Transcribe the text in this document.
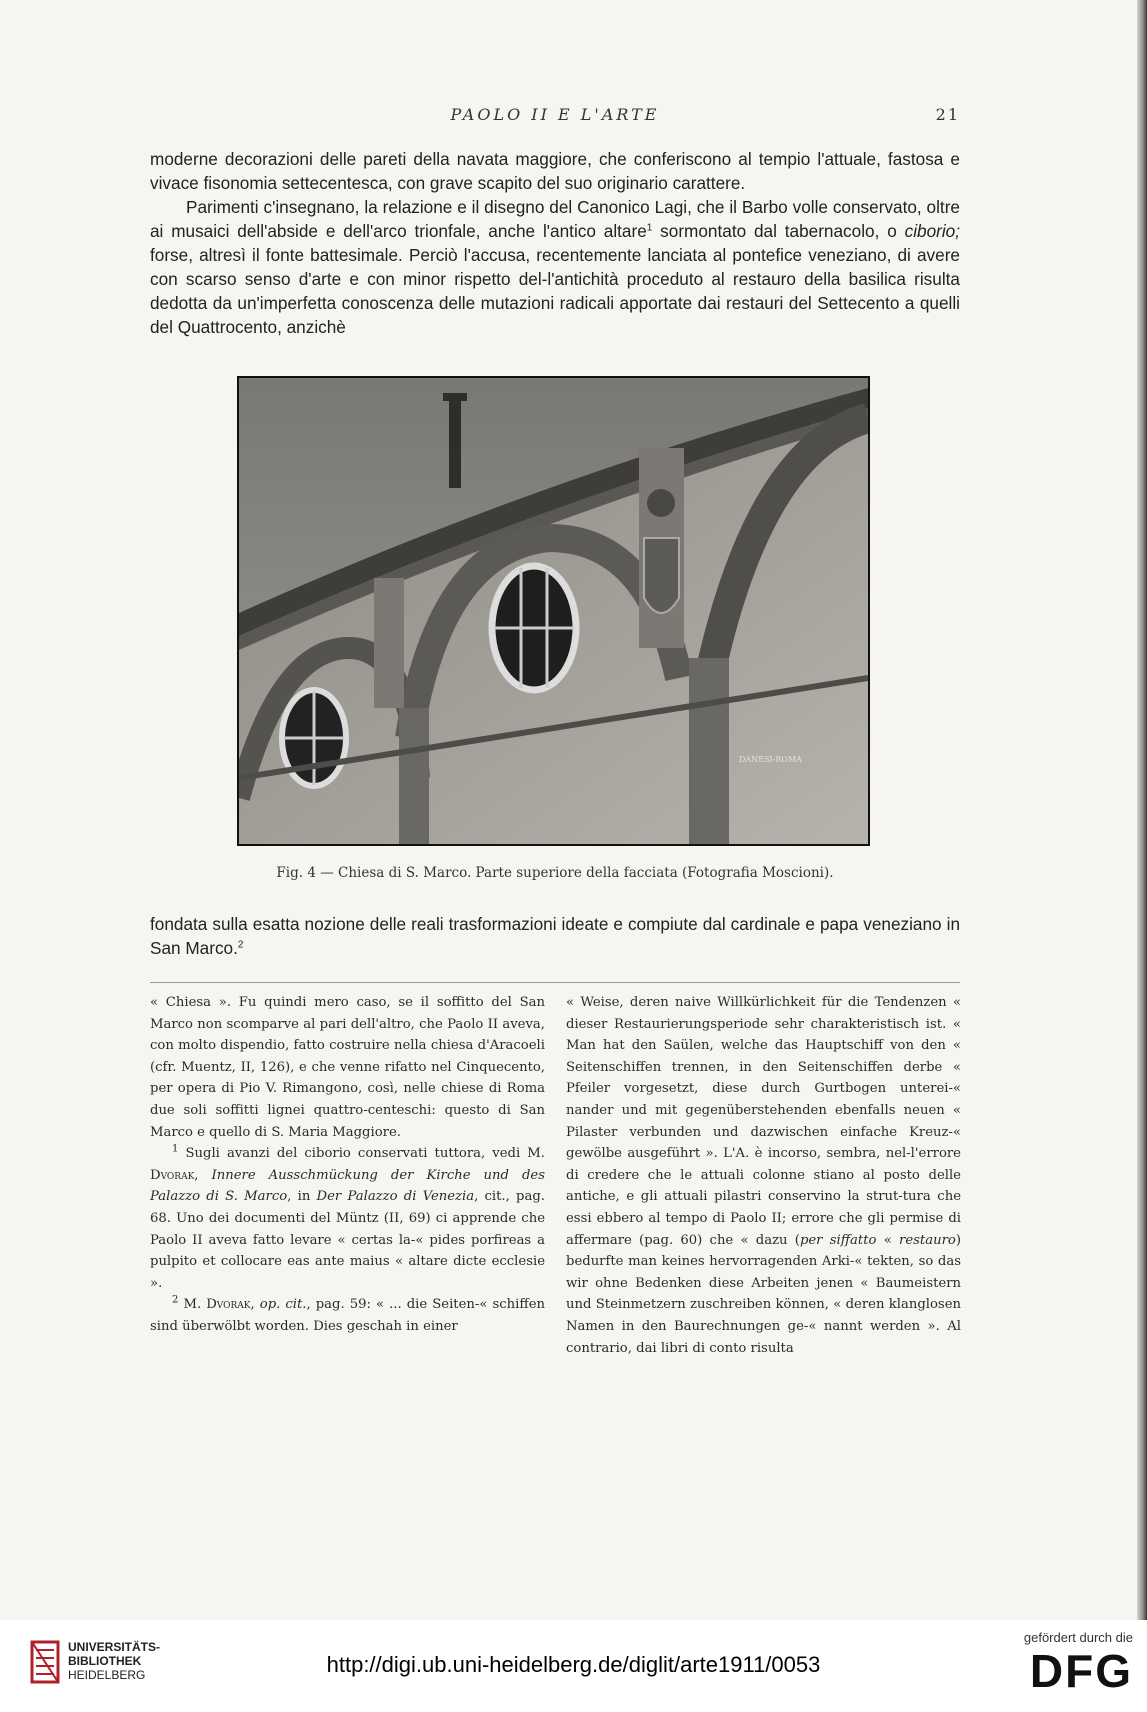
PAOLO II E L'ARTE	21

moderne decorazioni delle pareti della navata maggiore, che conferiscono al tempio l'attuale, fastosa e vivace fisonomia settecentesca, con grave scapito del suo originario carattere.

Parimenti c'insegnano, la relazione e il disegno del Canonico Lagi, che il Barbo volle conservato, oltre ai musaici dell'abside e dell'arco trionfale, anche l'antico altare$^1$ sormontato dal tabernacolo, o ciborio; forse, altresì il fonte battesimale. Perciò l'accusa, recentemente lanciata al pontefice veneziano, di avere con scarso senso d'arte e con minor rispetto del-l'antichità proceduto al restauro della basilica risulta dedotta da un'imperfetta conoscenza delle mutazioni radicali apportate dai restauri del Settecento a quelli del Quattrocento, anzichè

DANESI-ROMA
Fig. 4 — Chiesa di S. Marco. Parte superiore della facciata (Fotografia Moscioni).

fondata sulla esatta nozione delle reali trasformazioni ideate e compiute dal cardinale e papa veneziano in San Marco.$^2$

« Chiesa ». Fu quindi mero caso, se il soffitto del San Marco non scomparve al pari dell'altro, che Paolo II aveva, con molto dispendio, fatto costruire nella chiesa d'Aracoeli (cfr. Muentz, II, 126), e che venne rifatto nel Cinquecento, per opera di Pio V. Rimangono, così, nelle chiese di Roma due soli soffitti lignei quattro-centeschi: questo di San Marco e quello di S. Maria Maggiore.

$^1$ Sugli avanzi del ciborio conservati tuttora, vedi M. Dvorak, Innere Ausschmückung der Kirche und des Palazzo di S. Marco, in Der Palazzo di Venezia, cit., pag. 68. Uno dei documenti del Müntz (II, 69) ci apprende che Paolo II aveva fatto levare « certas la-« pides porfireas a pulpito et collocare eas ante maius « altare dicte ecclesie ».

$^2$ M. Dvorak, op. cit., pag. 59: « ... die Seiten-« schiffen sind überwölbt worden. Dies geschah in einer

« Weise, deren naive Willkürlichkeit für die Tendenzen « dieser Restaurierungsperiode sehr charakteristisch ist. « Man hat den Saülen, welche das Hauptschiff von den « Seitenschiffen trennen, in den Seitenschiffen derbe « Pfeiler vorgesetzt, diese durch Gurtbogen unterei-« nander und mit gegenüberstehenden ebenfalls neuen « Pilaster verbunden und dazwischen einfache Kreuz-« gewölbe ausgeführt ». L'A. è incorso, sembra, nel-l'errore di credere che le attuali colonne stiano al posto delle antiche, e gli attuali pilastri conservino la strut-tura che essi ebbero al tempo di Paolo II; errore che gli permise di affermare (pag. 60) che « dazu (per siffatto « restauro) bedurfte man keines hervorragenden Arki-« tekten, so das wir ohne Bedenken diese Arbeiten jenen « Baumeistern und Steinmetzern zuschreiben können, « deren klanglosen Namen in den Baurechnungen ge-« nannt werden ». Al contrario, dai libri di conto risulta

UNIVERSITÄTS-
BIBLIOTHEK
HEIDELBERG	http://digi.ub.uni-heidelberg.de/diglit/arte1911/0053
gefördert durch die
DFG
